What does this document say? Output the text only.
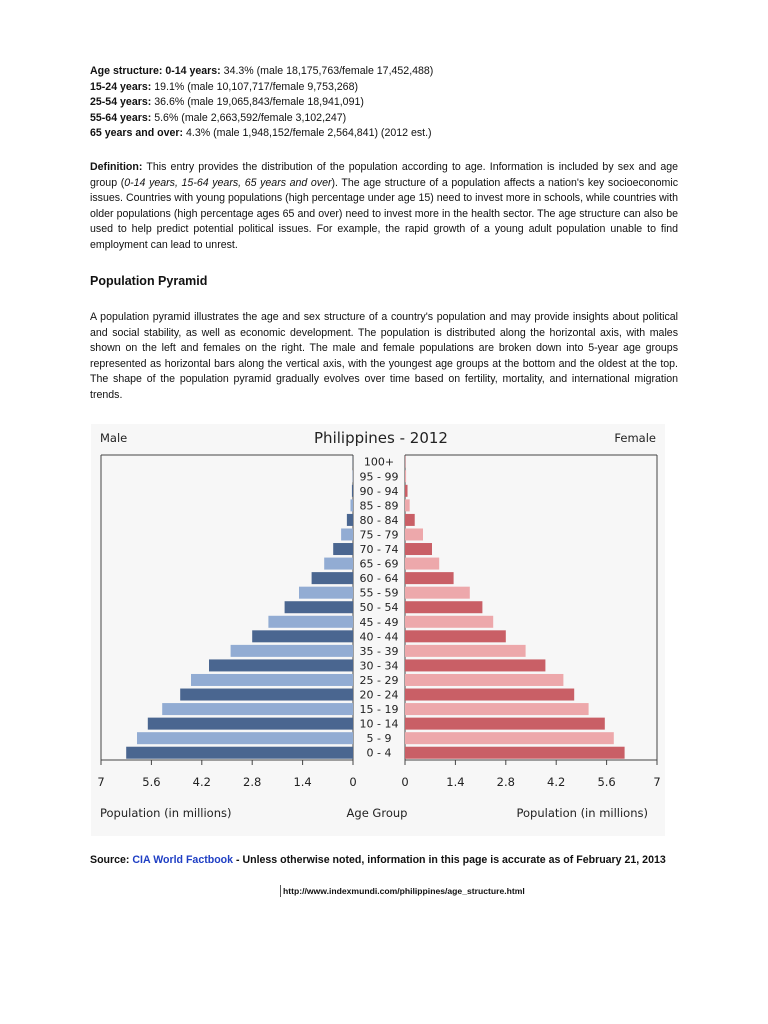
Age structure: 0-14 years: 34.3% (male 18,175,763/female 17,452,488)
15-24 years: 19.1% (male 10,107,717/female 9,753,268)
25-54 years: 36.6% (male 19,065,843/female 18,941,091)
55-64 years: 5.6% (male 2,663,592/female 3,102,247)
65 years and over: 4.3% (male 1,948,152/female 2,564,841) (2012 est.)
Definition: This entry provides the distribution of the population according to age. Information is included by sex and age group (0-14 years, 15-64 years, 65 years and over). The age structure of a population affects a nation's key socioeconomic issues. Countries with young populations (high percentage under age 15) need to invest more in schools, while countries with older populations (high percentage ages 65 and over) need to invest more in the health sector. The age structure can also be used to help predict potential political issues. For example, the rapid growth of a young adult population unable to find employment can lead to unrest.
Population Pyramid
A population pyramid illustrates the age and sex structure of a country's population and may provide insights about political and social stability, as well as economic development. The population is distributed along the horizontal axis, with males shown on the left and females on the right. The male and female populations are broken down into 5-year age groups represented as horizontal bars along the vertical axis, with the youngest age groups at the bottom and the oldest at the top. The shape of the population pyramid gradually evolves over time based on fertility, mortality, and international migration trends.
Philippines - 2012
Male	Female
0 - 4
5 - 9
10 - 14
15 - 19
20 - 24
25 - 29
30 - 34
35 - 39
40 - 44
45 - 49
50 - 54
55 - 59
60 - 64
65 - 69
70 - 74
75 - 79
80 - 84
85 - 89
90 - 94
95 - 99
100+
0	0
1.4	1.4
2.8	2.8
4.2	4.2
5.6	5.6
7	7
Population (in millions)	Age Group	Population (in millions)
Source: CIA World Factbook - Unless otherwise noted, information in this page is accurate as of February 21, 2013
http://www.indexmundi.com/philippines/age_structure.html
